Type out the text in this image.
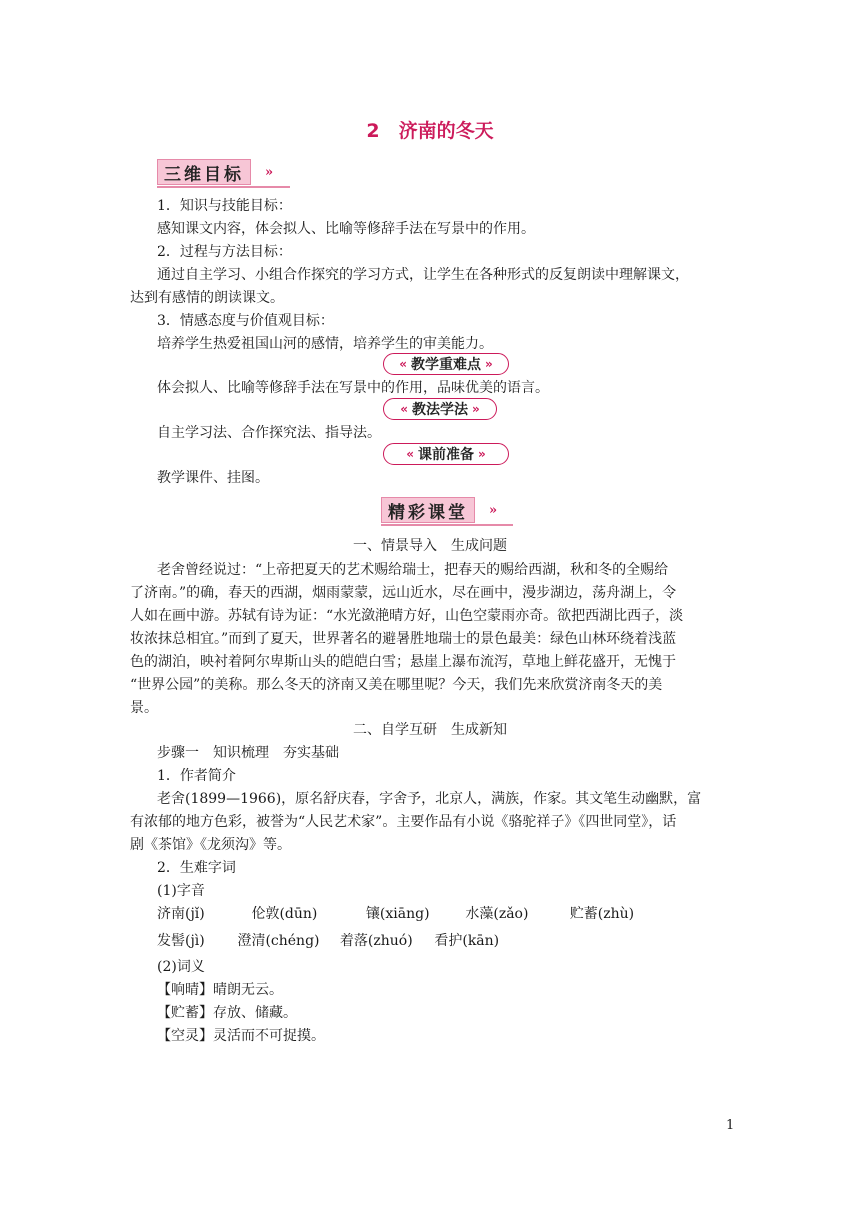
2　济南的冬天
三维目标	»
1．知识与技能目标：
感知课文内容，体会拟人、比喻等修辞手法在写景中的作用。
2．过程与方法目标：
通过自主学习、小组合作探究的学习方式，让学生在各种形式的反复朗读中理解课文，
达到有感情的朗读课文。
3．情感态度与价值观目标：
培养学生热爱祖国山河的感情，培养学生的审美能力。
« 教学重难点 »
体会拟人、比喻等修辞手法在写景中的作用，品味优美的语言。
« 教法学法 »
自主学习法、合作探究法、指导法。
« 课前准备 »
教学课件、挂图。
精彩课堂	»
一、情景导入　生成问题
老舍曾经说过：“上帝把夏天的艺术赐给瑞士，把春天的赐给西湖，秋和冬的全赐给
了济南。”的确，春天的西湖，烟雨蒙蒙，远山近水，尽在画中，漫步湖边，荡舟湖上，令
人如在画中游。苏轼有诗为证：“水光潋滟晴方好，山色空蒙雨亦奇。欲把西湖比西子，淡
妆浓抹总相宜。”而到了夏天，世界著名的避暑胜地瑞士的景色最美：绿色山林环绕着浅蓝
色的湖泊，映衬着阿尔卑斯山头的皑皑白雪；悬崖上瀑布流泻，草地上鲜花盛开，无愧于
“世界公园”的美称。那么冬天的济南又美在哪里呢？今天，我们先来欣赏济南冬天的美
景。
二、自学互研　生成新知
步骤一　知识梳理　夯实基础
1．作者简介
老舍(1899—1966)，原名舒庆春，字舍予，北京人，满族，作家。其文笔生动幽默，富
有浓郁的地方色彩，被誉为“人民艺术家”。主要作品有小说《骆驼祥子》《四世同堂》，话
剧《茶馆》《龙须沟》等。
2．生难字词
(1)字音
济南(jǐ)	伦敦(dūn)	镶(xiāng)	水藻(zǎo)	贮蓄(zhù)
发髻(jì) 澄清(chéng) 着落(zhuó) 看护(kān)
(2)词义
【响晴】晴朗无云。
【贮蓄】存放、储藏。
【空灵】灵活而不可捉摸。
1
